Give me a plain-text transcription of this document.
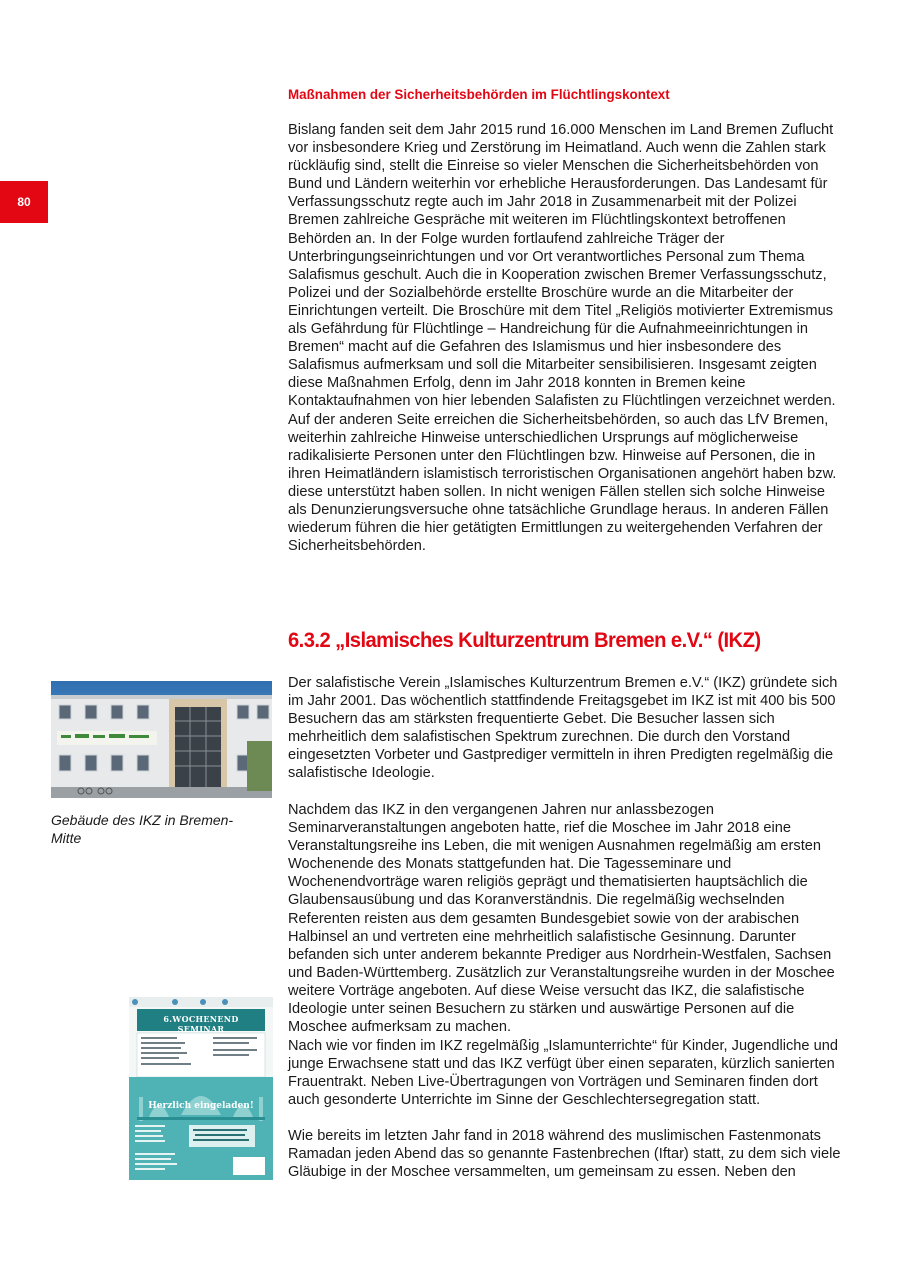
80
Maßnahmen der Sicherheitsbehörden im Flüchtlingskontext

Bislang fanden seit dem Jahr 2015 rund 16.000 Menschen im Land Bremen Zuflucht vor insbesondere Krieg und Zerstörung im Heimatland. Auch wenn die Zahlen stark rückläufig sind, stellt die Einreise so vieler Menschen die Sicherheitsbehörden von Bund und Ländern weiterhin vor erhebliche Herausforderungen. Das Landesamt für Verfassungsschutz regte auch im Jahr 2018 in Zusammenarbeit mit der Polizei Bremen zahlreiche Gespräche mit weiteren im Flüchtlingskontext betroffenen Behörden an. In der Folge wurden fortlaufend zahlreiche Träger der Unterbringungseinrichtungen und vor Ort verantwortliches Personal zum Thema Salafismus geschult. Auch die in Kooperation zwischen Bremer Verfassungsschutz, Polizei und der Sozialbehörde erstellte Broschüre wurde an die Mitarbeiter der Einrichtungen verteilt. Die Broschüre mit dem Titel „Religiös motivierter Extremismus als Gefährdung für Flüchtlinge – Handreichung für die Aufnahmeeinrichtungen in Bremen“ macht auf die Gefahren des Islamismus und hier insbesondere des Salafismus aufmerksam und soll die Mitarbeiter sensibilisieren. Insgesamt zeigten diese Maßnahmen Erfolg, denn im Jahr 2018 konnten in Bremen keine Kontaktaufnahmen von hier lebenden Salafisten zu Flüchtlingen verzeichnet werden. Auf der anderen Seite erreichen die Sicherheitsbehörden, so auch das LfV Bremen, weiterhin zahlreiche Hinweise unterschiedlichen Ursprungs auf möglicherweise radikalisierte Personen unter den Flüchtlingen bzw. Hinweise auf Personen, die in ihren Heimatländern islamistisch terroristischen Organisationen angehört haben bzw. diese unterstützt haben sollen. In nicht wenigen Fällen stellen sich solche Hinweise als Denunzierungsversuche ohne tatsächliche Grundlage heraus. In anderen Fällen wiederum führen die hier getätigten Ermittlungen zu weitergehenden Verfahren der Sicherheitsbehörden.

6.3.2 „Islamisches Kulturzentrum Bremen e.V.“ (IKZ)

Der salafistische Verein „Islamisches Kulturzentrum Bremen e.V.“ (IKZ) gründete sich im Jahr 2001. Das wöchentlich stattfindende Freitagsgebet im IKZ ist mit 400 bis 500 Besuchern das am stärksten frequentierte Gebet. Die Besucher lassen sich mehrheitlich dem salafistischen Spektrum zurechnen. Die durch den Vorstand eingesetzten Vorbeter und Gastprediger vermitteln in ihren Predigten regelmäßig die salafistische Ideologie.

Nachdem das IKZ in den vergangenen Jahren nur anlassbezogen Seminarveranstaltungen angeboten hatte, rief die Moschee im Jahr 2018 eine Veranstaltungsreihe ins Leben, die mit wenigen Ausnahmen regelmäßig am ersten Wochenende des Monats stattgefunden hat. Die Tagesseminare und Wochenendvorträge waren religiös geprägt und thematisierten hauptsächlich die Glaubensausübung und das Koranverständnis. Die regelmäßig wechselnden Referenten reisten aus dem gesamten Bundesgebiet sowie von der arabischen Halbinsel an und vertreten eine mehrheitlich salafistische Gesinnung. Darunter befanden sich unter anderem bekannte Prediger aus Nordrhein-Westfalen, Sachsen und Baden-Württemberg. Zusätzlich zur Veranstaltungsreihe wurden in der Moschee weitere Vorträge angeboten. Auf diese Weise versucht das IKZ, die salafistische Ideologie unter seinen Besuchern zu stärken und auswärtige Personen auf die Moschee aufmerksam zu machen.

Nach wie vor finden im IKZ regelmäßig „Islamunterrichte“ für Kinder, Jugendliche und junge Erwachsene statt und das IKZ verfügt über einen separaten, kürzlich sanierten Frauentrakt. Neben Live-Übertragungen von Vorträgen und Seminaren finden dort auch gesonderte Unterrichte im Sinne der Geschlechtersegregation statt.

Wie bereits im letzten Jahr fand in 2018 während des muslimischen Fastenmonats Ramadan jeden Abend das so genannte Fastenbrechen (Iftar) statt, zu dem sich viele Gläubige in der Moschee versammelten, um gemeinsam zu essen. Neben den

Gebäude des IKZ in Bremen-Mitte
6.WOCHENEND SEMINAR
Herzlich eingeladen!
